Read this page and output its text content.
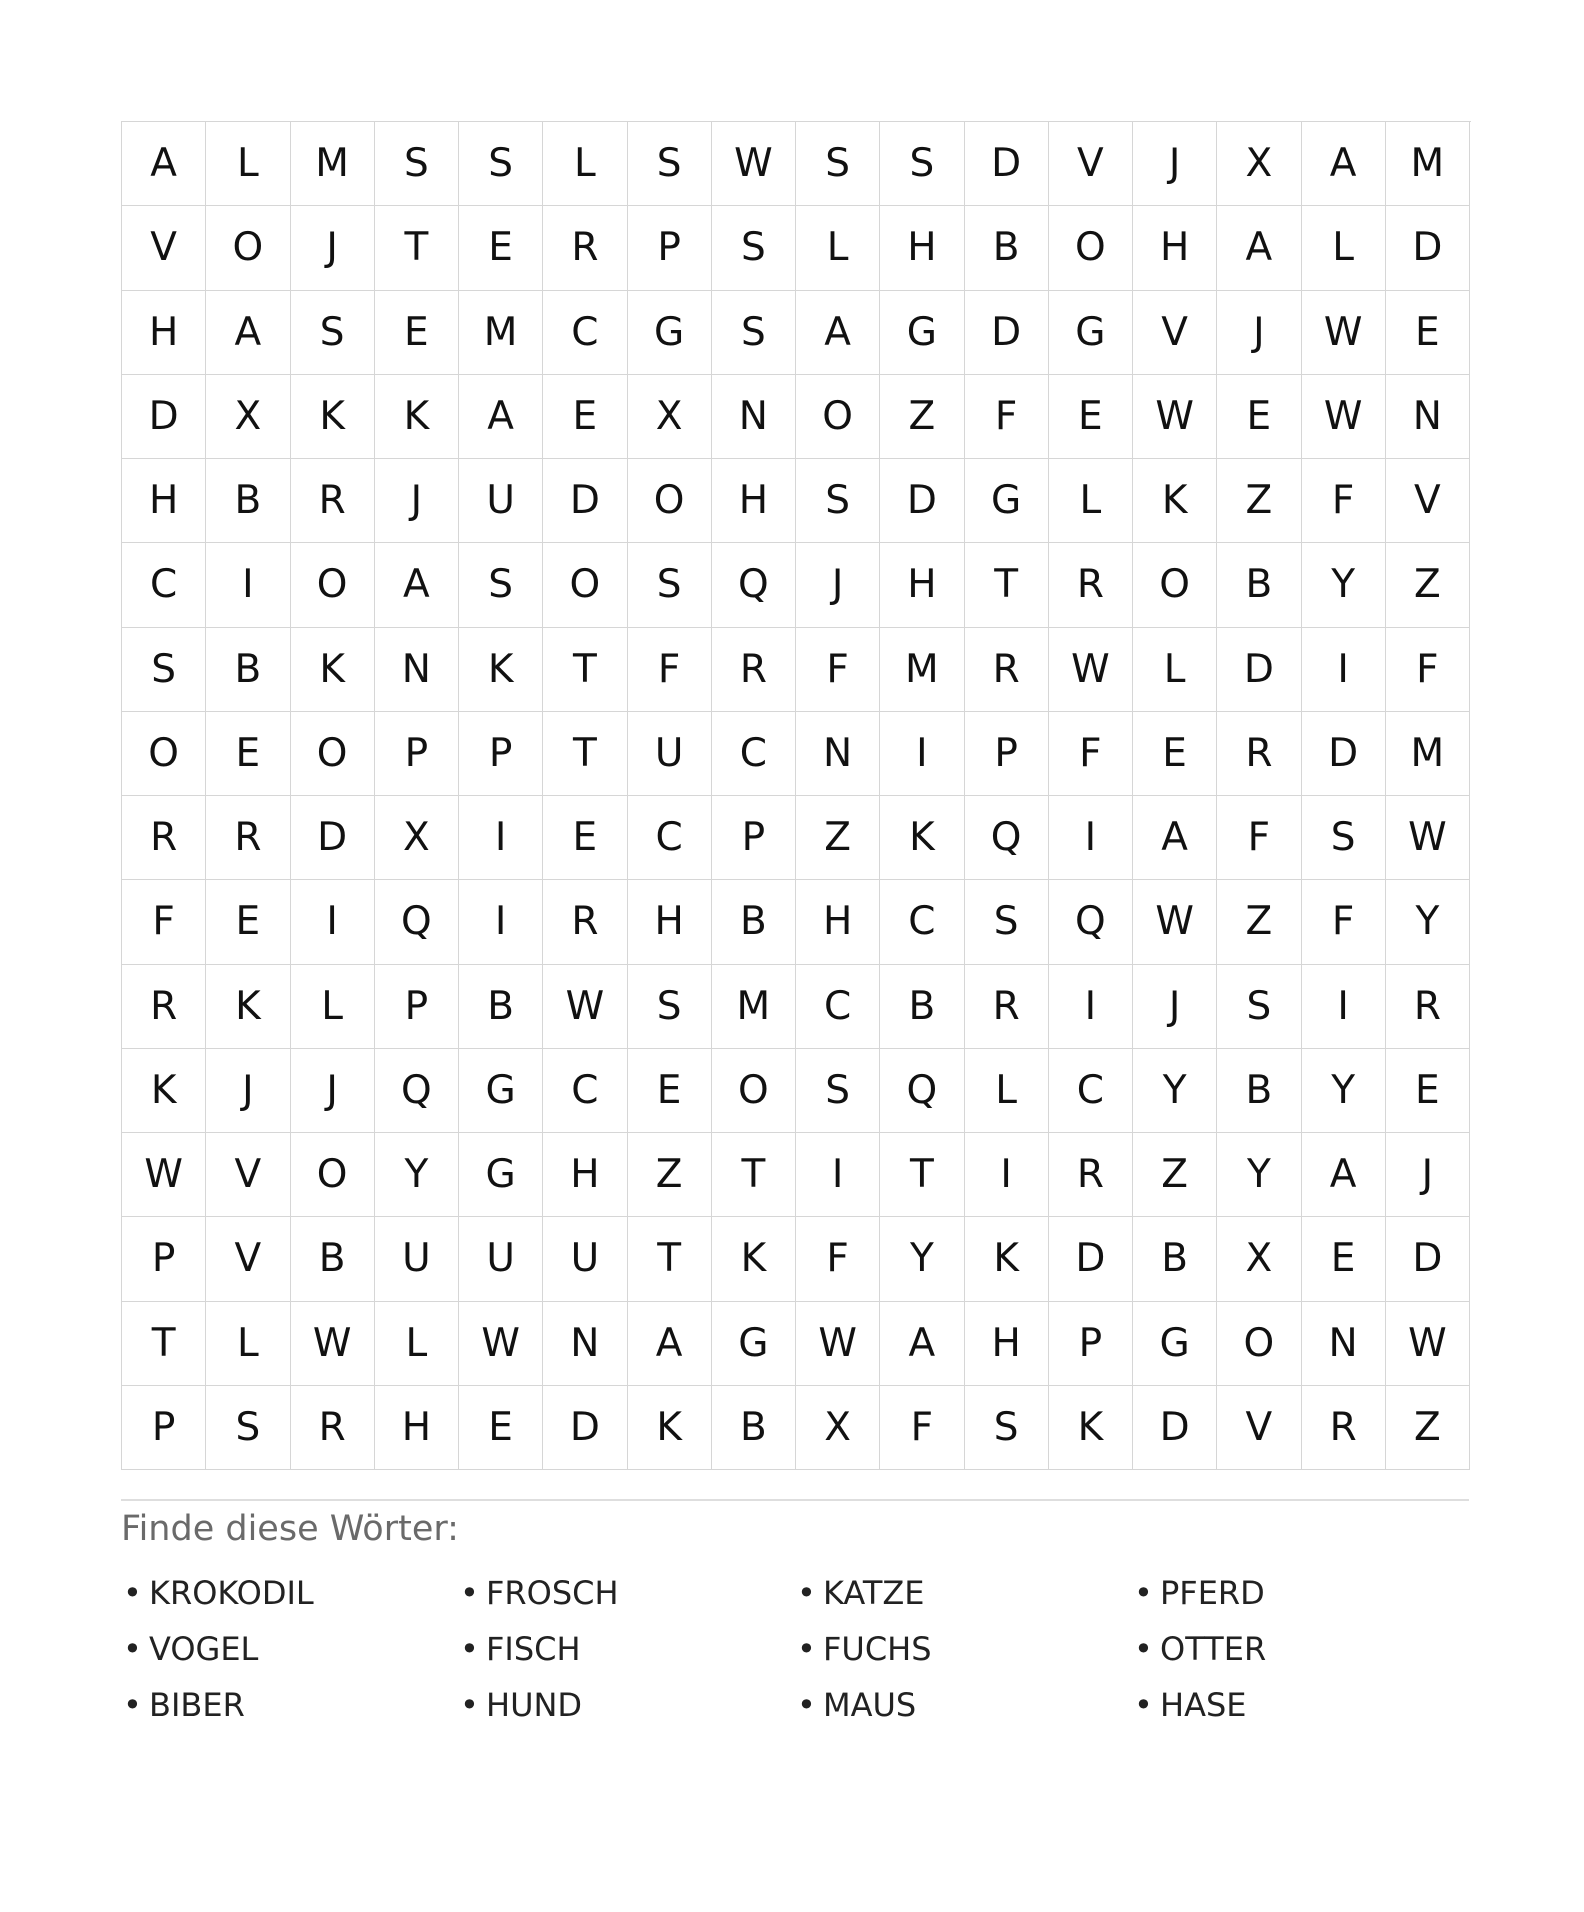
A	L	M	S	S	L	S	W	S	S	D	V	J	X	A	M
V	O	J	T	E	R	P	S	L	H	B	O	H	A	L	D
H	A	S	E	M	C	G	S	A	G	D	G	V	J	W	E
D	X	K	K	A	E	X	N	O	Z	F	E	W	E	W	N
H	B	R	J	U	D	O	H	S	D	G	L	K	Z	F	V
C	I	O	A	S	O	S	Q	J	H	T	R	O	B	Y	Z
S	B	K	N	K	T	F	R	F	M	R	W	L	D	I	F
O	E	O	P	P	T	U	C	N	I	P	F	E	R	D	M
R	R	D	X	I	E	C	P	Z	K	Q	I	A	F	S	W
F	E	I	Q	I	R	H	B	H	C	S	Q	W	Z	F	Y
R	K	L	P	B	W	S	M	C	B	R	I	J	S	I	R
K	J	J	Q	G	C	E	O	S	Q	L	C	Y	B	Y	E
W	V	O	Y	G	H	Z	T	I	T	I	R	Z	Y	A	J
P	V	B	U	U	U	T	K	F	Y	K	D	B	X	E	D
T	L	W	L	W	N	A	G	W	A	H	P	G	O	N	W
P	S	R	H	E	D	K	B	X	F	S	K	D	V	R	Z
Finde diese Wörter:
• KROKODIL	• FROSCH	• KATZE	• PFERD
• VOGEL	• FISCH	• FUCHS	• OTTER
• BIBER	• HUND	• MAUS	• HASE
